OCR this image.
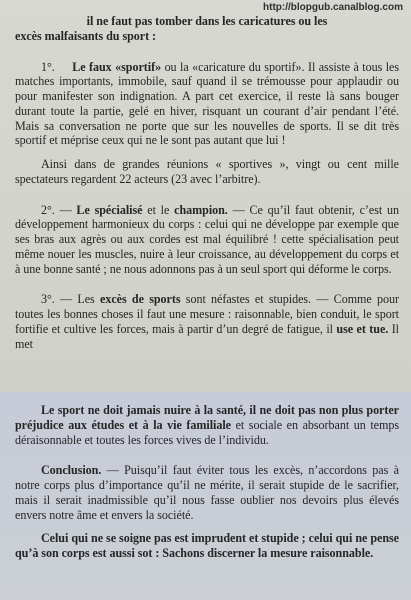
http://blopgub.canalblog.com

il ne faut pas tomber dans les caricatures ou les

excès malfaisants du sport :

1°. Le faux «sportif» ou la «caricature du sportif». Il assiste à tous les matches importants, immobile, sauf quand il se trémousse pour applaudir ou pour manifester son indignation. A part cet exercice, il reste là sans bouger durant toute la partie, gelé en hiver, risquant un courant d’air pendant l’été. Mais sa conversation ne porte que sur les nouvelles de sports. Il se dit très sportif et méprise ceux qui ne le sont pas autant que lui !

Ainsi dans de grandes réunions « sportives », vingt ou cent mille spectateurs regardent 22 acteurs (23 avec l’arbitre).

2°. — Le spécialisé et le champion. — Ce qu’il faut obtenir, c’est un développement harmonieux du corps : celui qui ne développe par exemple que ses bras aux agrès ou aux cordes est mal équilibré ! cette spécialisation peut même nouer les muscles, nuire à leur croissance, au développement du corps et à une bonne santé ; ne nous adonnons pas à un seul sport qui déforme le corps.

3°. — Les excès de sports sont néfastes et stupides. — Comme pour toutes les bonnes choses il faut une mesure : raisonnable, bien conduit, le sport fortifie et cultive les forces, mais à partir d’un degré de fatigue, il use et tue. Il met

Le sport ne doit jamais nuire à la santé, il ne doit pas non plus porter préjudice aux études et à la vie familiale et sociale en absorbant un temps déraisonnable et toutes les forces vives de l’individu.

Conclusion. — Puisqu’il faut éviter tous les excès, n’accordons pas à notre corps plus d’importance qu’il ne mérite, il serait stupide de le sacrifier, mais il serait inadmissible qu’il nous fasse oublier nos devoirs plus élevés envers notre âme et envers la société.

Celui qui ne se soigne pas est imprudent et stupide ; celui qui ne pense qu’à son corps est aussi sot : Sachons discerner la mesure raisonnable.
